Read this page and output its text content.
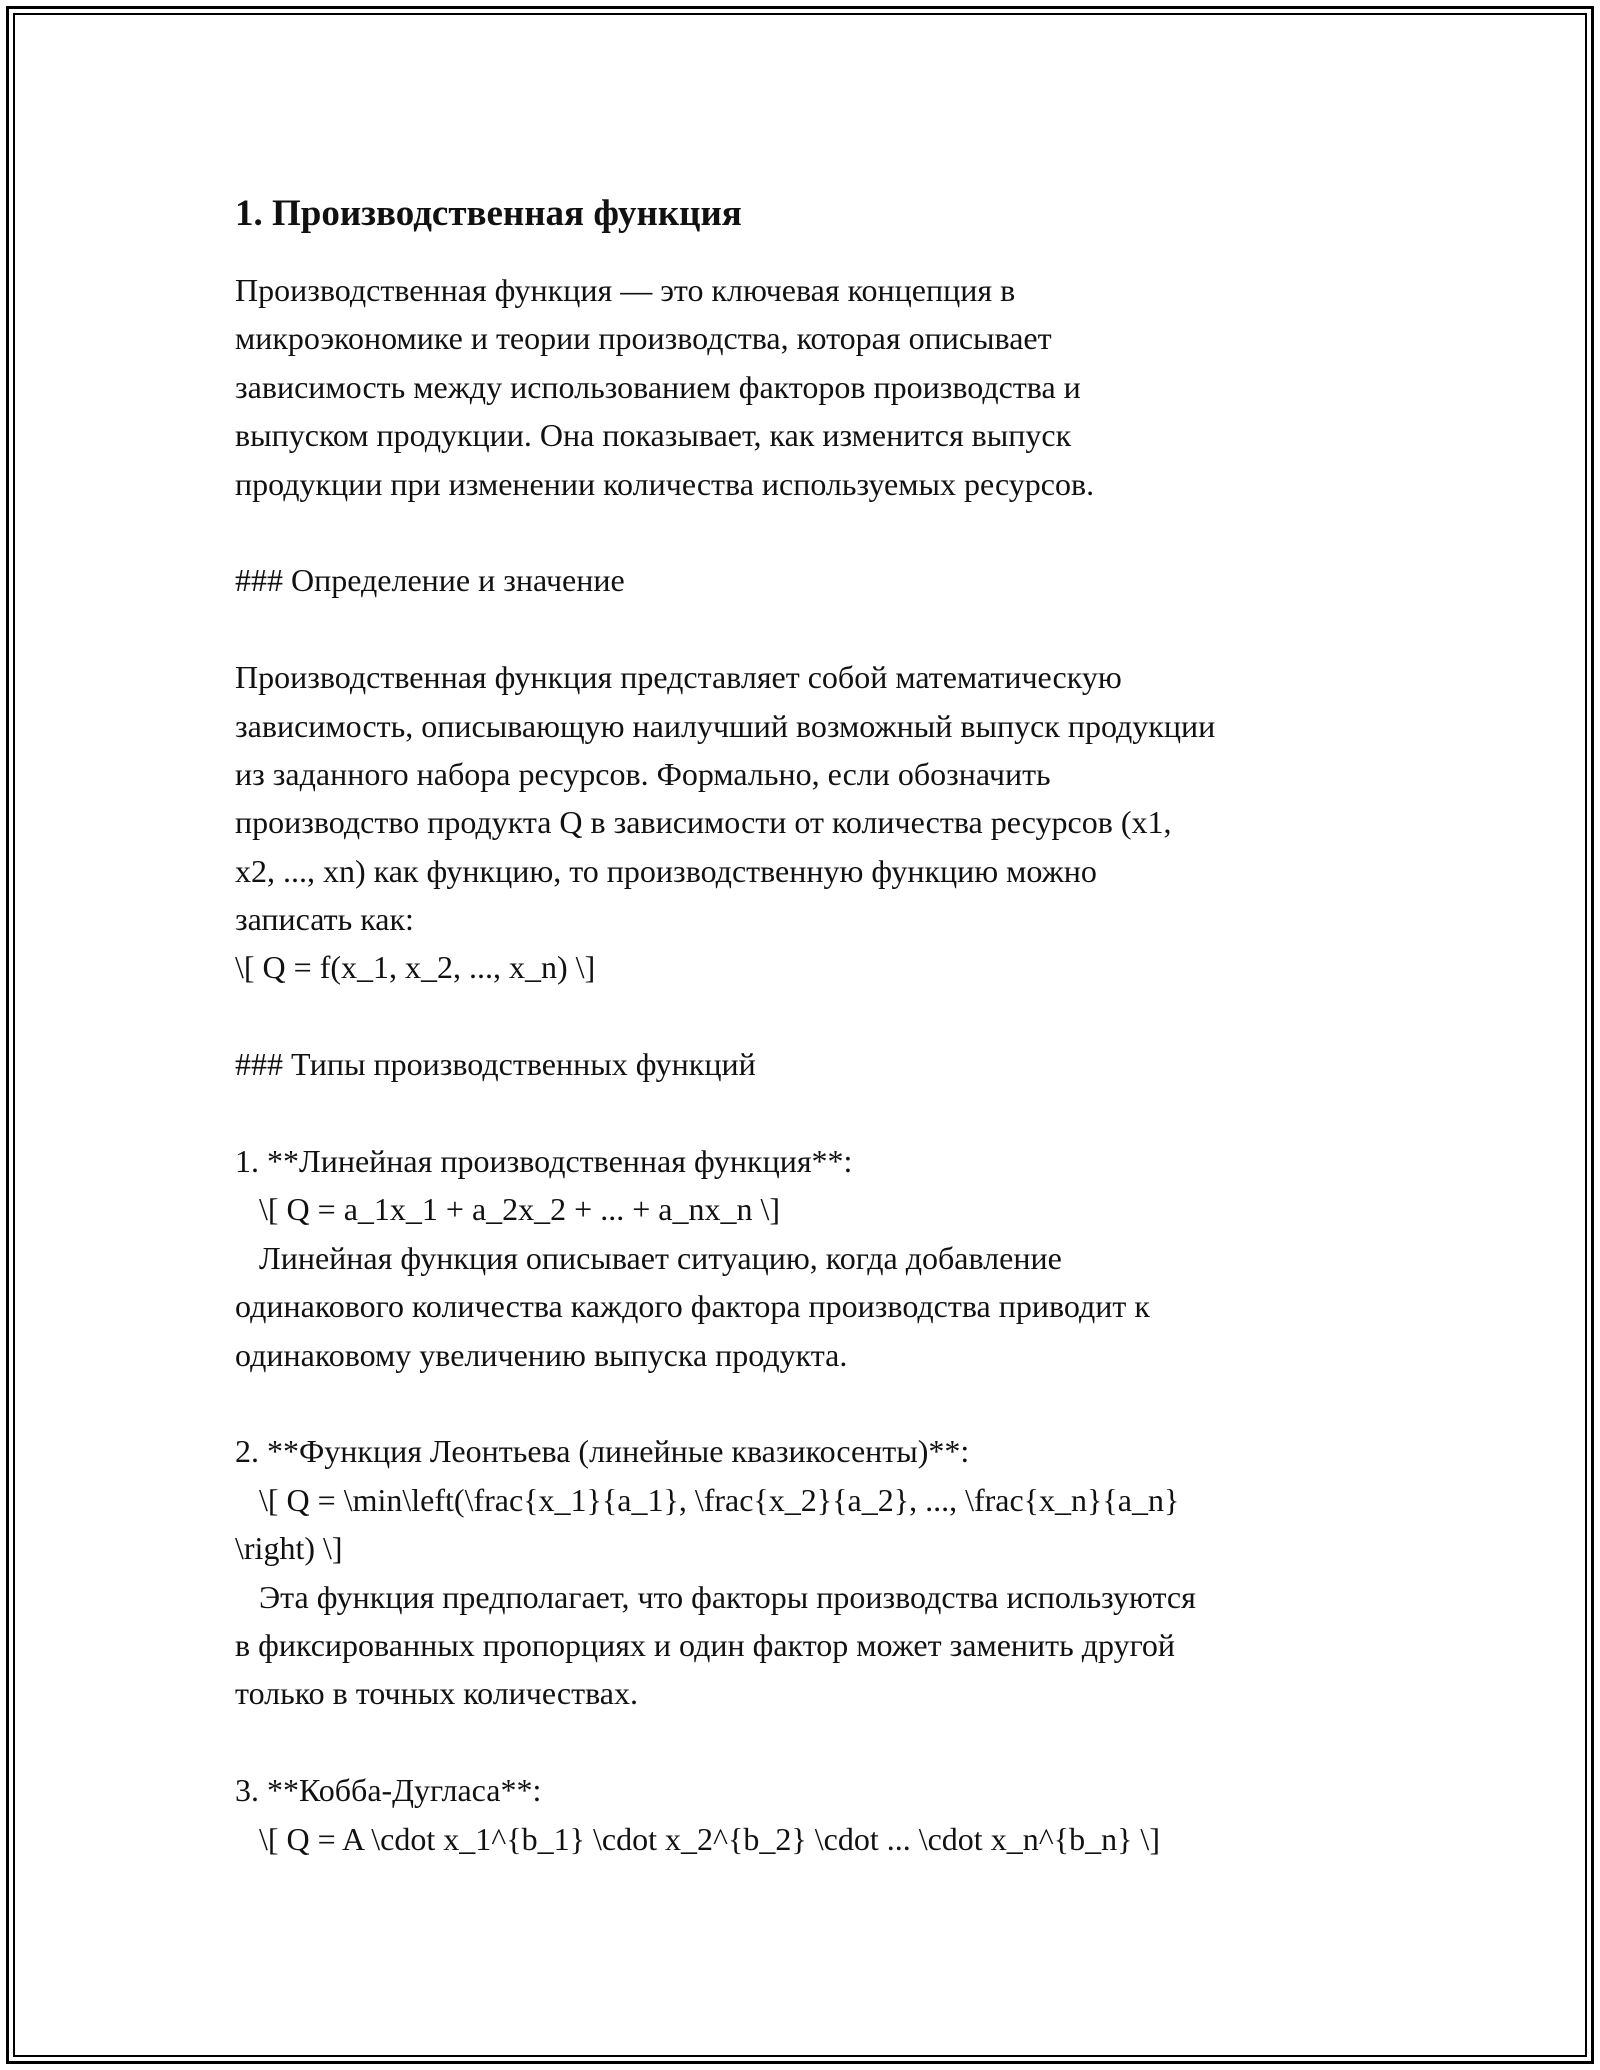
1. Производственная функция

Производственная функция — это ключевая концепция в
микроэкономике и теории производства, которая описывает
зависимость между использованием факторов производства и
выпуском продукции. Она показывает, как изменится выпуск
продукции при изменении количества используемых ресурсов.

### Определение и значение

Производственная функция представляет собой математическую
зависимость, описывающую наилучший возможный выпуск продукции
из заданного набора ресурсов. Формально, если обозначить
производство продукта Q в зависимости от количества ресурсов (x1,
x2, ..., xn) как функцию, то производственную функцию можно
записать как:
\[ Q = f(x_1, x_2, ..., x_n) \]

### Типы производственных функций

1. **Линейная производственная функция**:
\[ Q = a_1x_1 + a_2x_2 + ... + a_nx_n \]
Линейная функция описывает ситуацию, когда добавление
одинакового количества каждого фактора производства приводит к
одинаковому увеличению выпуска продукта.

2. **Функция Леонтьева (линейные квазикосенты)**:
\[ Q = \min\left(\frac{x_1}{a_1}, \frac{x_2}{a_2}, ..., \frac{x_n}{a_n}
\right) \]
Эта функция предполагает, что факторы производства используются
в фиксированных пропорциях и один фактор может заменить другой
только в точных количествах.

3. **Кобба-Дугласа**:
\[ Q = A \cdot x_1^{b_1} \cdot x_2^{b_2} \cdot ... \cdot x_n^{b_n} \]
